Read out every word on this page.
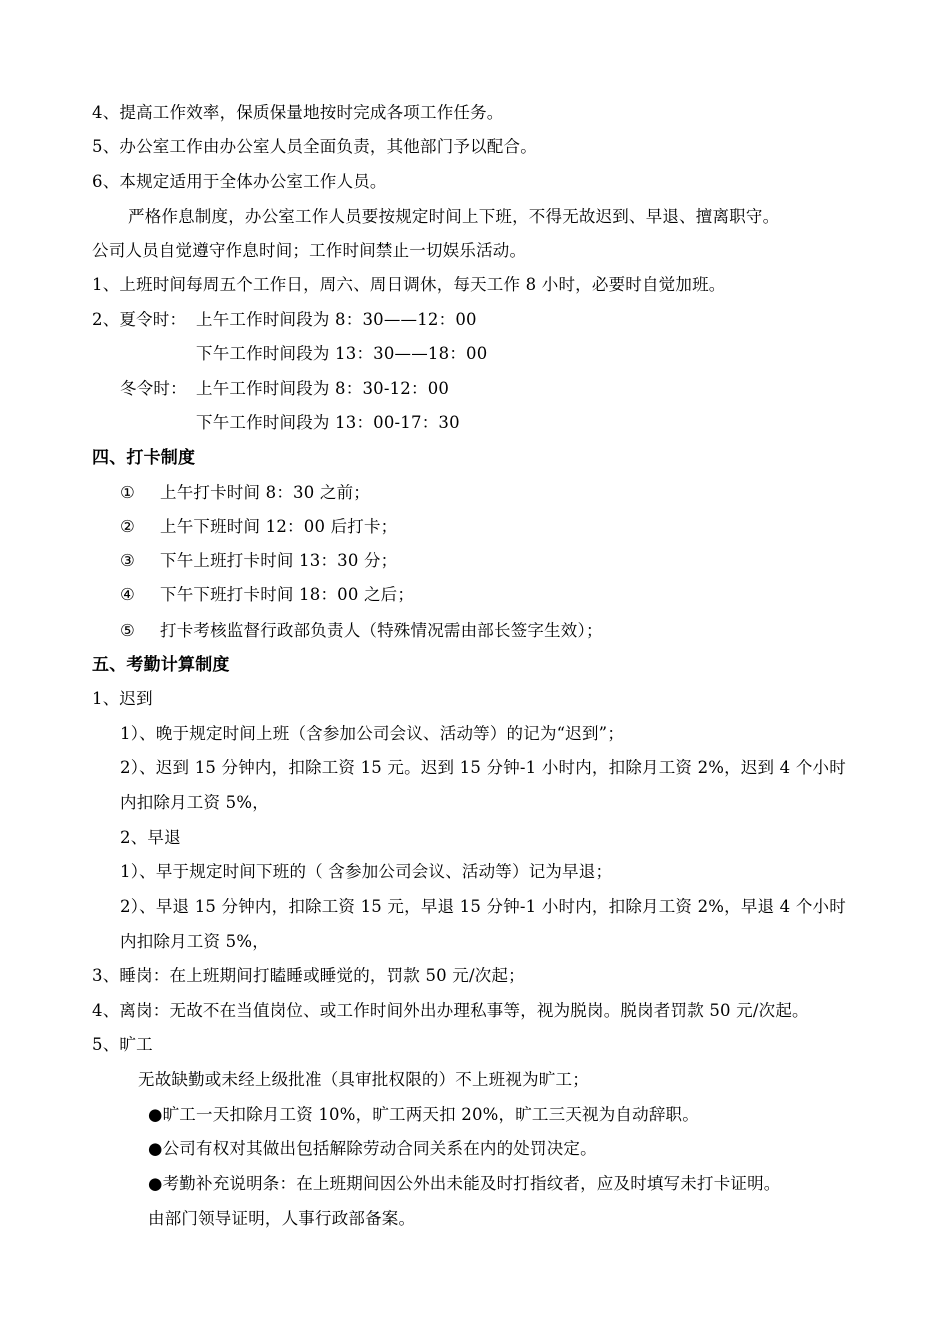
4、提高工作效率，保质保量地按时完成各项工作任务。
5、办公室工作由办公室人员全面负责，其他部门予以配合。
6、本规定适用于全体办公室工作人员。
严格作息制度，办公室工作人员要按规定时间上下班，不得无故迟到、早退、擅离职守。
公司人员自觉遵守作息时间；工作时间禁止一切娱乐活动。
1、上班时间每周五个工作日，周六、周日调休，每天工作 8 小时，必要时自觉加班。
2、夏令时： 上午工作时间段为 8：30——12：00
下午工作时间段为 13：30——18：00
冬令时： 上午工作时间段为 8：30-12：00
下午工作时间段为 13：00-17：30
四、打卡制度
① 上午打卡时间 8：30 之前；
② 上午下班时间 12：00 后打卡；
③ 下午上班打卡时间 13：30 分；
④ 下午下班打卡时间 18：00 之后；
⑤ 打卡考核监督行政部负责人（特殊情况需由部长签字生效）；
五、考勤计算制度
1、迟到
1）、晚于规定时间上班（含参加公司会议、活动等）的记为“迟到”；
2）、迟到 15 分钟内，扣除工资 15 元。迟到 15 分钟-1 小时内，扣除月工资 2%，迟到 4 个小时
内扣除月工资 5%，
2、早退
1）、早于规定时间下班的（ 含参加公司会议、活动等）记为早退；
2）、早退 15 分钟内，扣除工资 15 元，早退 15 分钟-1 小时内，扣除月工资 2%，早退 4 个小时
内扣除月工资 5%，
3、睡岗：在上班期间打瞌睡或睡觉的，罚款 50 元/次起；
4、离岗：无故不在当值岗位、或工作时间外出办理私事等，视为脱岗。脱岗者罚款 50 元/次起。
5、旷工
无故缺勤或未经上级批准（具审批权限的）不上班视为旷工；
●旷工一天扣除月工资 10%，旷工两天扣 20%，旷工三天视为自动辞职。
●公司有权对其做出包括解除劳动合同关系在内的处罚决定。
●考勤补充说明条：在上班期间因公外出未能及时打指纹者，应及时填写未打卡证明。
由部门领导证明，人事行政部备案。
